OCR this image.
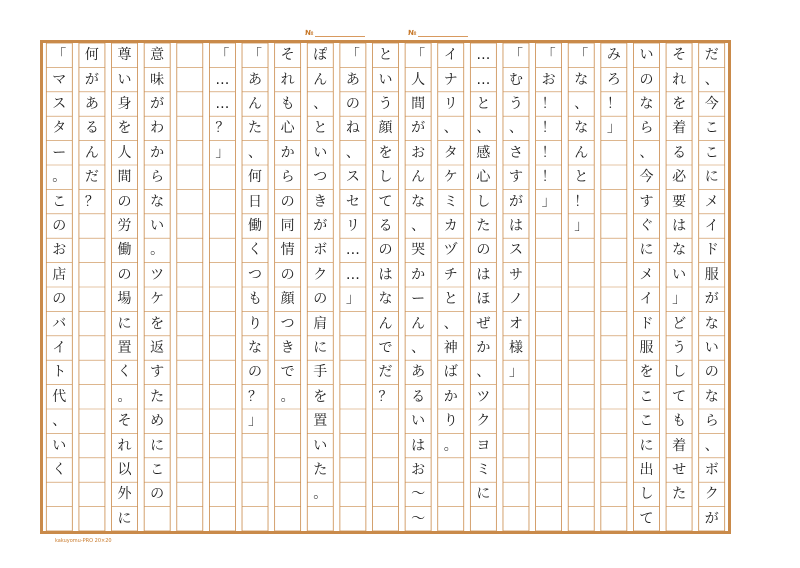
№	№
だ
、
今
こ
こ
に
メ
イ
ド
服
が
な
い
の
な
ら
、
ボ
ク
が
そ
れ
を
着
る
必
要
は
な
い
」
ど
う
し
て
も
着
せ
た
い
の
な
ら
、
今
す
ぐ
に
メ
イ
ド
服
を
こ
こ
に
出
し
て
み
ろ
！
」
「
な
、
な
ん
と
！
」
「
お
！
！
！
！
」
「
む
う
、
さ
す
が
は
ス
サ
ノ
オ
様
」
…
…
と
、
感
心
し
た
の
は
ほ
ぜ
か
、
ツ
ク
ヨ
ミ
に
イ
ナ
リ
、
タ
ケ
ミ
カ
ヅ
チ
と
、
神
ば
か
り
。
「
人
間
が
お
ん
な
、
哭
か
ー
ん
、
あ
る
い
は
お
〜
〜
と
い
う
顔
を
し
て
る
の
は
な
ん
で
だ
？
「
あ
の
ね
、
ス
セ
リ
…
…
」
ぽ
ん
、
と
い
つ
き
が
ボ
ク
の
肩
に
手
を
置
い
た
。
そ
れ
も
心
か
ら
の
同
情
の
顔
つ
き
で
。
「
あ
ん
た
、
何
日
働
く
つ
も
り
な
の
？
」
「
…
…
？
」
意
味
が
わ
か
ら
な
い
。
ツ
ケ
を
返
す
た
め
に
こ
の
尊
い
身
を
人
間
の
労
働
の
場
に
置
く
。
そ
れ
以
外
に
何
が
あ
る
ん
だ
？
「
マ
ス
タ
ー
。
こ
の
お
店
の
バ
イ
ト
代
、
い
く
kakuyomu-PRO 20×20
